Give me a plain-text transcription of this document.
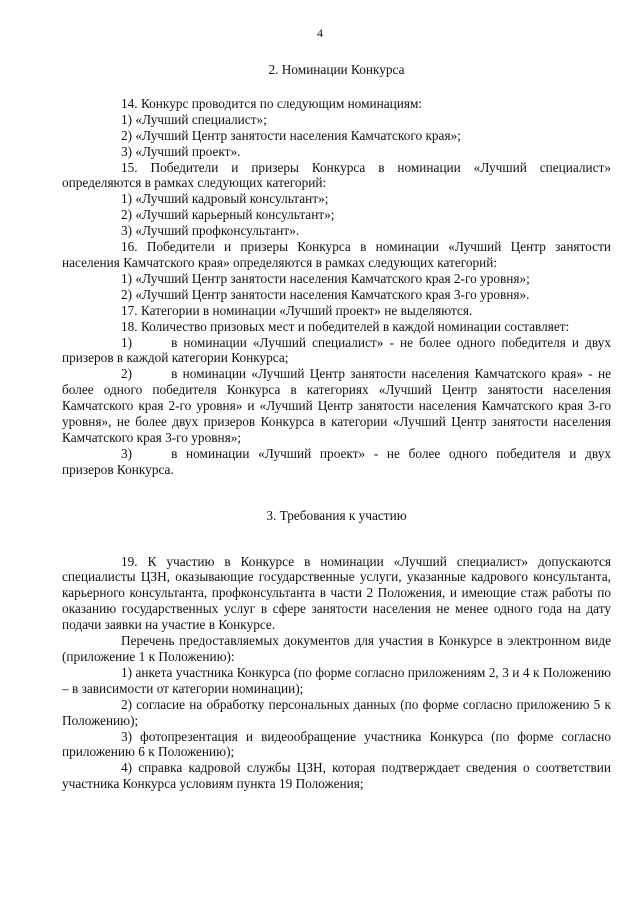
4

2. Номинации Конкурса

14. Конкурс проводится по следующим номинациям:

1) «Лучший специалист»;

2) «Лучший Центр занятости населения Камчатского края»;

3) «Лучший проект».

15. Победители и призеры Конкурса в номинации «Лучший специалист» определяются в рамках следующих категорий:

1) «Лучший кадровый консультант»;

2) «Лучший карьерный консультант»;

3) «Лучший профконсультант».

16. Победители и призеры Конкурса в номинации «Лучший Центр занятости населения Камчатского края» определяются в рамках следующих категорий:

1) «Лучший Центр занятости населения Камчатского края 2-го уровня»;

2) «Лучший Центр занятости населения Камчатского края 3-го уровня».

17. Категории в номинации «Лучший проект» не выделяются.

18. Количество призовых мест и победителей в каждой номинации составляет:

1)	в номинации «Лучший специалист» - не более одного победителя и двух призеров в каждой категории Конкурса;

2)	в номинации «Лучший Центр занятости населения Камчатского края» - не более одного победителя Конкурса в категориях «Лучший Центр занятости населения Камчатского края 2-го уровня» и «Лучший Центр занятости населения Камчатского края 3-го уровня», не более двух призеров Конкурса в категории «Лучший Центр занятости населения Камчатского края 3-го уровня»;

3)	в номинации «Лучший проект» - не более одного победителя и двух призеров Конкурса.

3. Требования к участию

19. К участию в Конкурсе в номинации «Лучший специалист» допускаются специалисты ЦЗН, оказывающие государственные услуги, указанные кадрового консультанта, карьерного консультанта, профконсультанта в части 2 Положения, и имеющие стаж работы по оказанию государственных услуг в сфере занятости населения не менее одного года на дату подачи заявки на участие в Конкурсе.

Перечень предоставляемых документов для участия в Конкурсе в электронном виде (приложение 1 к Положению):

1) анкета участника Конкурса (по форме согласно приложениям 2, 3 и 4 к Положению – в зависимости от категории номинации);

2) согласие на обработку персональных данных (по форме согласно приложению 5 к Положению);

3) фотопрезентация и видеообращение участника Конкурса (по форме согласно приложению 6 к Положению);

4) справка кадровой службы ЦЗН, которая подтверждает сведения о соответствии участника Конкурса условиям пункта 19 Положения;
